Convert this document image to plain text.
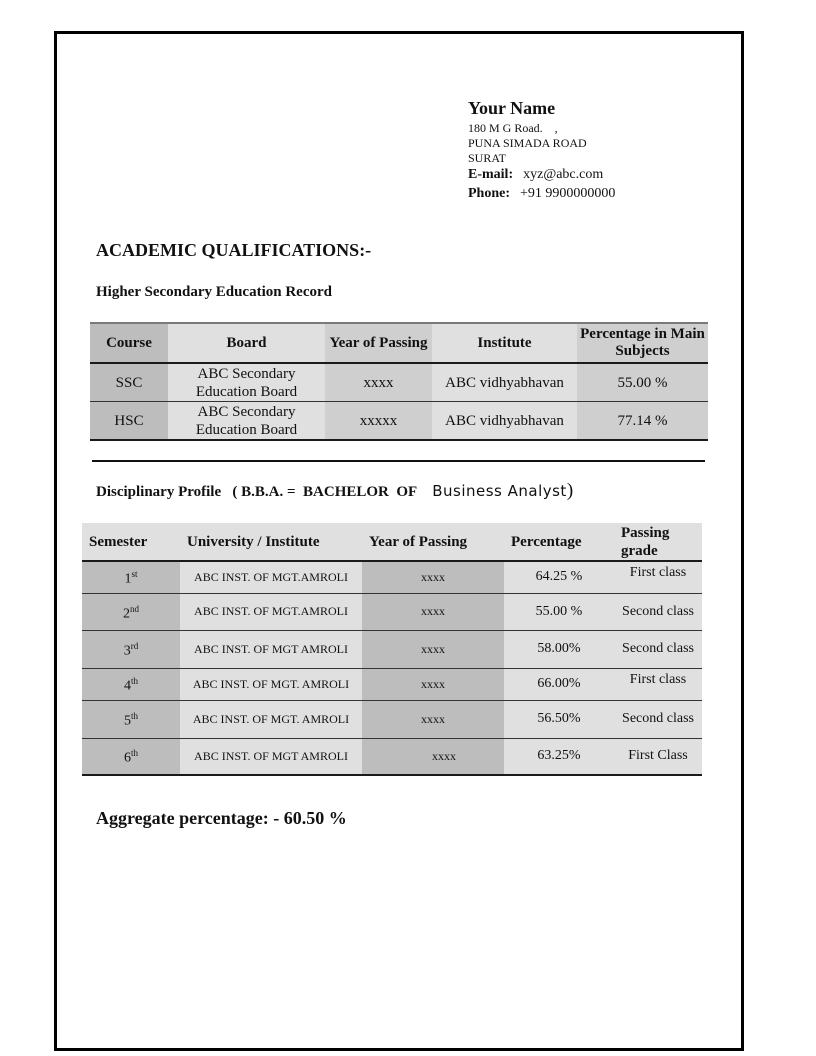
Your Name
180 M G Road.    ,
PUNA SIMADA ROAD
SURAT
E-mail: xyz@abc.com
Phone: +91 9900000000
ACADEMIC QUALIFICATIONS:-
Higher Secondary Education Record
Course	Board	Year of Passing	Institute	Percentage in Main Subjects
SSC	ABC Secondary Education Board	xxxx	ABC vidhyabhavan	55.00 %
HSC	ABC Secondary Education Board	xxxxx	ABC vidhyabhavan	77.14 %
Disciplinary Profile ( B.B.A. =  BACHELOR  OF Business Analyst)
Semester	University / Institute	Year of Passing	Percentage	Passing grade
1st	ABC INST. OF MGT.AMROLI	xxxx	64.25 %	First class
2nd	ABC INST. OF MGT.AMROLI	xxxx	55.00 %	Second class
3rd	ABC INST. OF MGT AMROLI	xxxx	58.00%	Second class
4th	ABC INST. OF MGT. AMROLI	xxxx	66.00%	First class
5th	ABC INST. OF MGT. AMROLI	xxxx	56.50%	Second class
6th	ABC INST. OF MGT AMROLI	xxxx	63.25%	First Class
Aggregate percentage: - 60.50 %
